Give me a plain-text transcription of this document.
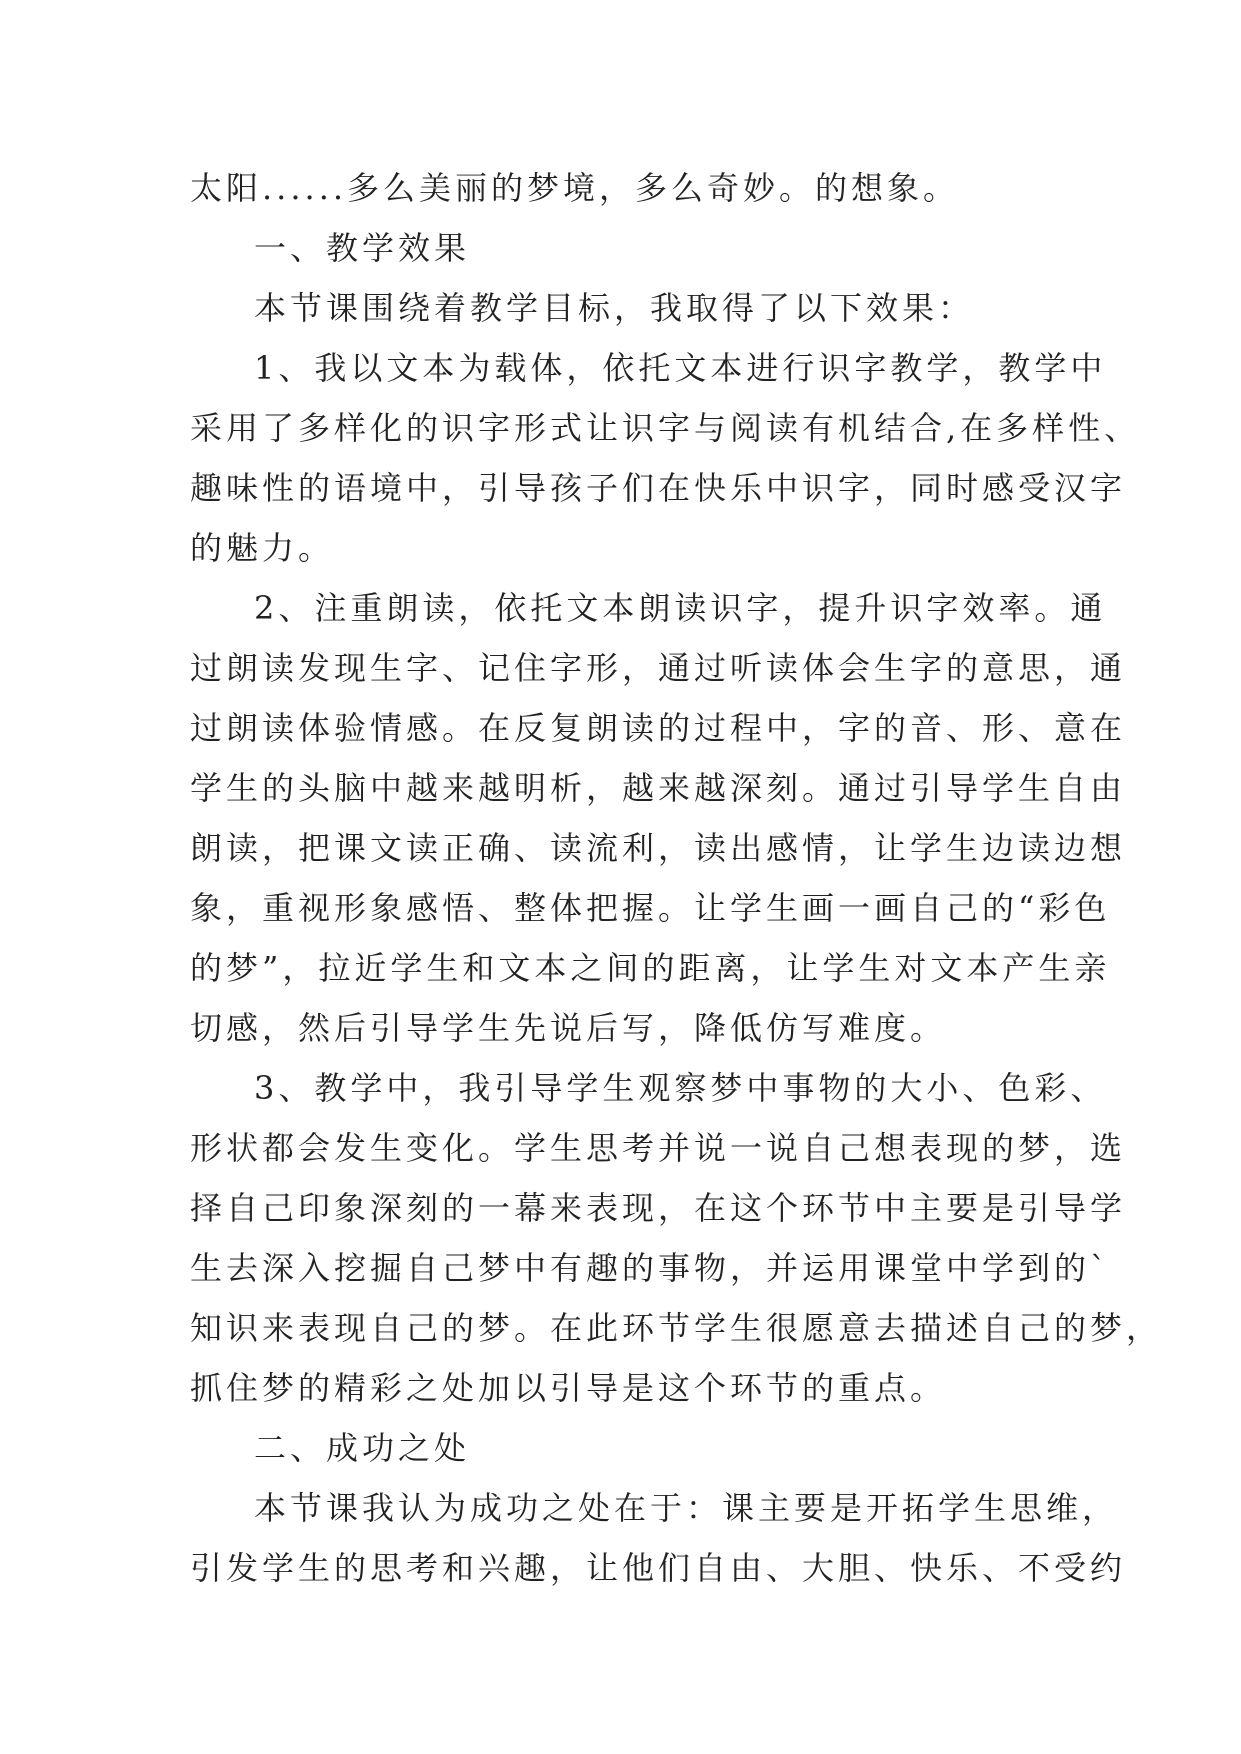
太阳......多么美丽的梦境，多么奇妙。的想象。
一、教学效果
本节课围绕着教学目标，我取得了以下效果：
1、我以文本为载体，依托文本进行识字教学，教学中
采用了多样化的识字形式让识字与阅读有机结合,在多样性、
趣味性的语境中，引导孩子们在快乐中识字，同时感受汉字
的魅力。
2、注重朗读，依托文本朗读识字，提升识字效率。通
过朗读发现生字、记住字形，通过听读体会生字的意思，通
过朗读体验情感。在反复朗读的过程中，字的音、形、意在
学生的头脑中越来越明析，越来越深刻。通过引导学生自由
朗读，把课文读正确、读流利，读出感情，让学生边读边想
象，重视形象感悟、整体把握。让学生画一画自己的“彩色
的梦”，拉近学生和文本之间的距离，让学生对文本产生亲
切感，然后引导学生先说后写，降低仿写难度。
3、教学中，我引导学生观察梦中事物的大小、色彩、
形状都会发生变化。学生思考并说一说自己想表现的梦，选
择自己印象深刻的一幕来表现，在这个环节中主要是引导学
生去深入挖掘自己梦中有趣的事物，并运用课堂中学到的`
知识来表现自己的梦。在此环节学生很愿意去描述自己的梦，
抓住梦的精彩之处加以引导是这个环节的重点。
二、成功之处
本节课我认为成功之处在于：课主要是开拓学生思维，
引发学生的思考和兴趣，让他们自由、大胆、快乐、不受约
